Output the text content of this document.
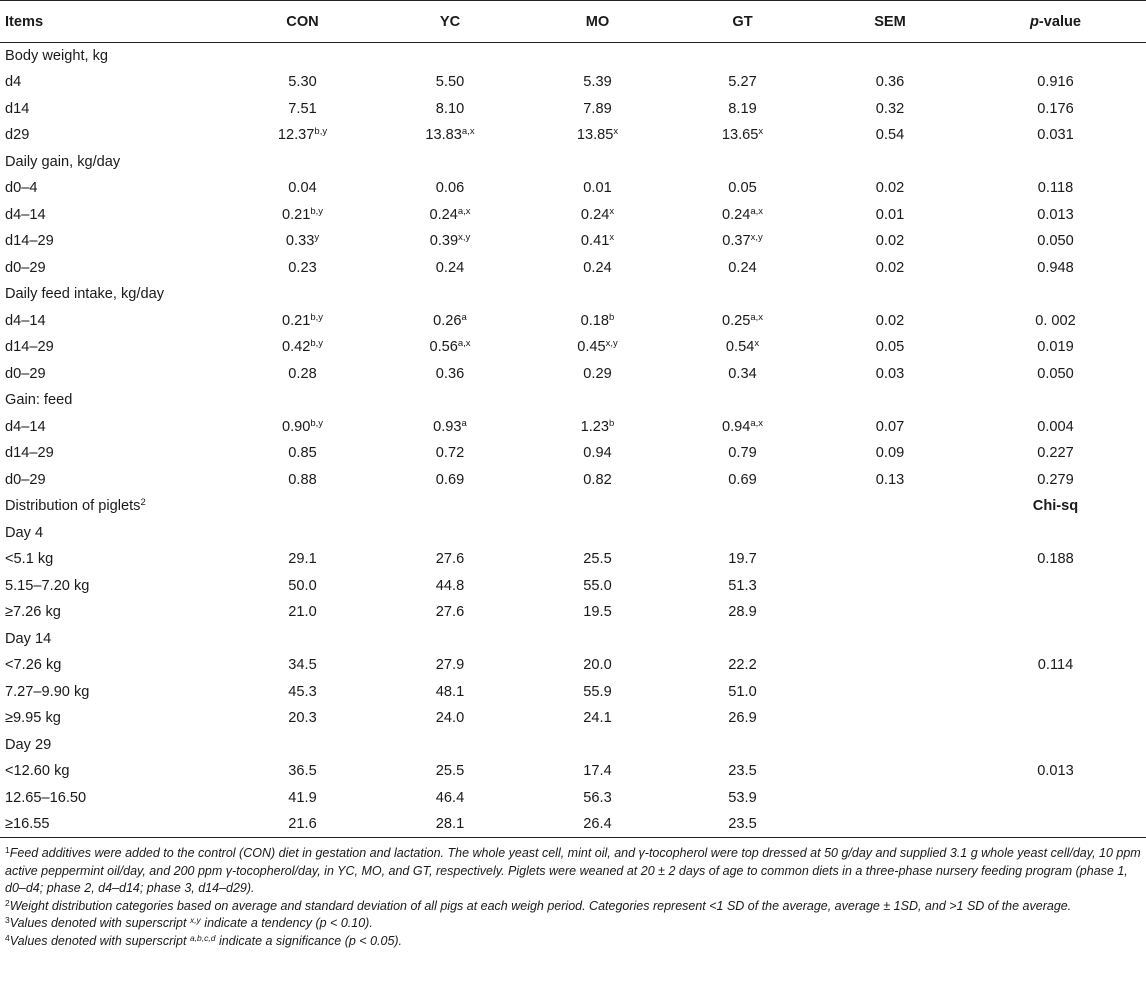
Items	CON	YC	MO	GT	SEM	p-value
Body weight, kg						
d4	5.30	5.50	5.39	5.27	0.36	0.916
d14	7.51	8.10	7.89	8.19	0.32	0.176
d29	12.37$^{b,y}$	13.83$^{a,x}$	13.85$^x$	13.65$^x$	0.54	0.031
Daily gain, kg/day						
d0–4	0.04	0.06	0.01	0.05	0.02	0.118
d4–14	0.21$^{b,y}$	0.24$^{a,x}$	0.24$^x$	0.24$^{a,x}$	0.01	0.013
d14–29	0.33$^y$	0.39$^{x,y}$	0.41$^x$	0.37$^{x,y}$	0.02	0.050
d0–29	0.23	0.24	0.24	0.24	0.02	0.948
Daily feed intake, kg/day						
d4–14	0.21$^{b,y}$	0.26$^a$	0.18$^b$	0.25$^{a,x}$	0.02	0. 002
d14–29	0.42$^{b,y}$	0.56$^{a,x}$	0.45$^{x,y}$	0.54$^x$	0.05	0.019
d0–29	0.28	0.36	0.29	0.34	0.03	0.050
Gain: feed						
d4–14	0.90$^{b,y}$	0.93$^a$	1.23$^b$	0.94$^{a,x}$	0.07	0.004
d14–29	0.85	0.72	0.94	0.79	0.09	0.227
d0–29	0.88	0.69	0.82	0.69	0.13	0.279
Distribution of piglets$^2$						Chi-sq
Day 4						
<5.1 kg	29.1	27.6	25.5	19.7		0.188
5.15–7.20 kg	50.0	44.8	55.0	51.3		
≥7.26 kg	21.0	27.6	19.5	28.9		
Day 14						
<7.26 kg	34.5	27.9	20.0	22.2		0.114
7.27–9.90 kg	45.3	48.1	55.9	51.0		
≥9.95 kg	20.3	24.0	24.1	26.9		
Day 29						
<12.60 kg	36.5	25.5	17.4	23.5		0.013
12.65–16.50	41.9	46.4	56.3	53.9		
≥16.55	21.6	28.1	26.4	23.5		

$^1$Feed additives were added to the control (CON) diet in gestation and lactation. The whole yeast cell, mint oil, and γ-tocopherol were top dressed at 50 g/day and supplied 3.1 g whole yeast cell/day, 10 ppm active peppermint oil/day, and 200 ppm γ-tocopherol/day, in YC, MO, and GT, respectively. Piglets were weaned at 20 ± 2 days of age to common diets in a three-phase nursery feeding program (phase 1, d0–d4; phase 2, d4–d14; phase 3, d14–d29).

$^2$Weight distribution categories based on average and standard deviation of all pigs at each weigh period. Categories represent <1 SD of the average, average ± 1SD, and >1 SD of the average.

$^3$Values denoted with superscript $^{x,y}$ indicate a tendency (p < 0.10).

$^4$Values denoted with superscript $^{a,b,c,d}$ indicate a significance (p < 0.05).
